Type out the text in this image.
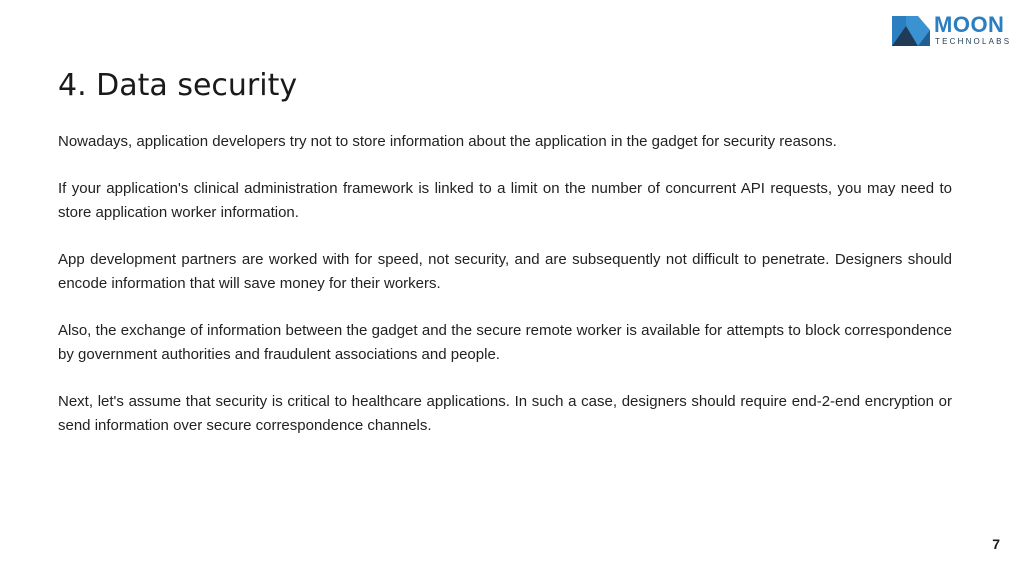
MOON
TECHNOLABS
4. Data security

Nowadays, application developers try not to store information about the application in the gadget for security reasons.

If your application's clinical administration framework is linked to a limit on the number of concurrent API requests, you may need to store application worker information.

App development partners are worked with for speed, not security, and are subsequently not difficult to penetrate. Designers should encode information that will save money for their workers.

Also, the exchange of information between the gadget and the secure remote worker is available for attempts to block correspondence by government authorities and fraudulent associations and people.

Next, let's assume that security is critical to healthcare applications. In such a case, designers should require end-2-end encryption or send information over secure correspondence channels.

7
